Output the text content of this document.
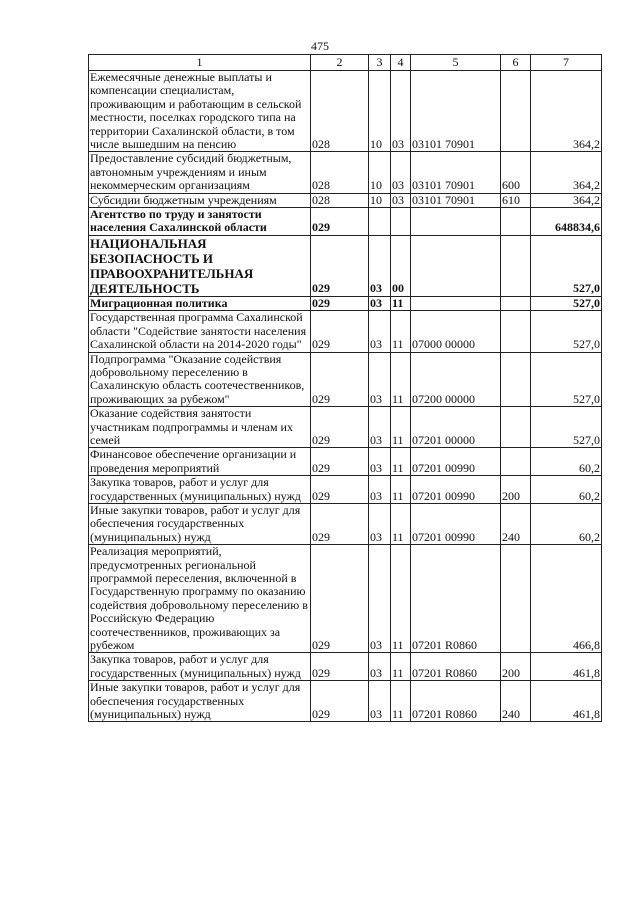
475
1	2	3	4	5	6	7
Ежемесячные денежные выплаты и компенсации специалистам, проживающим и работающим в сельской местности, поселках городского типа на территории Сахалинской области, в том числе вышедшим на пенсию	028	10	03	03101 70901		364,2
Предоставление субсидий бюджетным, автономным учреждениям и иным некоммерческим организациям	028	10	03	03101 70901	600	364,2
Субсидии бюджетным учреждениям	028	10	03	03101 70901	610	364,2
Агентство по труду и занятости населения Сахалинской области	029					648834,6
НАЦИОНАЛЬНАЯ БЕЗОПАСНОСТЬ И ПРАВООХРАНИТЕЛЬНАЯ ДЕЯТЕЛЬНОСТЬ	029	03	00			527,0
Миграционная политика	029	03	11			527,0
Государственная программа Сахалинской области "Содействие занятости населения Сахалинской области на 2014-2020 годы"	029	03	11	07000 00000		527,0
Подпрограмма "Оказание содействия добровольному переселению в Сахалинскую область соотечественников, проживающих за рубежом"	029	03	11	07200 00000		527,0
Оказание содействия занятости участникам подпрограммы и членам их семей	029	03	11	07201 00000		527,0
Финансовое обеспечение организации и проведения мероприятий	029	03	11	07201 00990		60,2
Закупка товаров, работ и услуг для государственных (муниципальных) нужд	029	03	11	07201 00990	200	60,2
Иные закупки товаров, работ и услуг для обеспечения государственных (муниципальных) нужд	029	03	11	07201 00990	240	60,2
Реализация мероприятий, предусмотренных региональной программой переселения, включенной в Государственную программу по оказанию содействия добровольному переселению в Российскую Федерацию соотечественников, проживающих за рубежом	029	03	11	07201 R0860		466,8
Закупка товаров, работ и услуг для государственных (муниципальных) нужд	029	03	11	07201 R0860	200	461,8
Иные закупки товаров, работ и услуг для обеспечения государственных (муниципальных) нужд	029	03	11	07201 R0860	240	461,8
